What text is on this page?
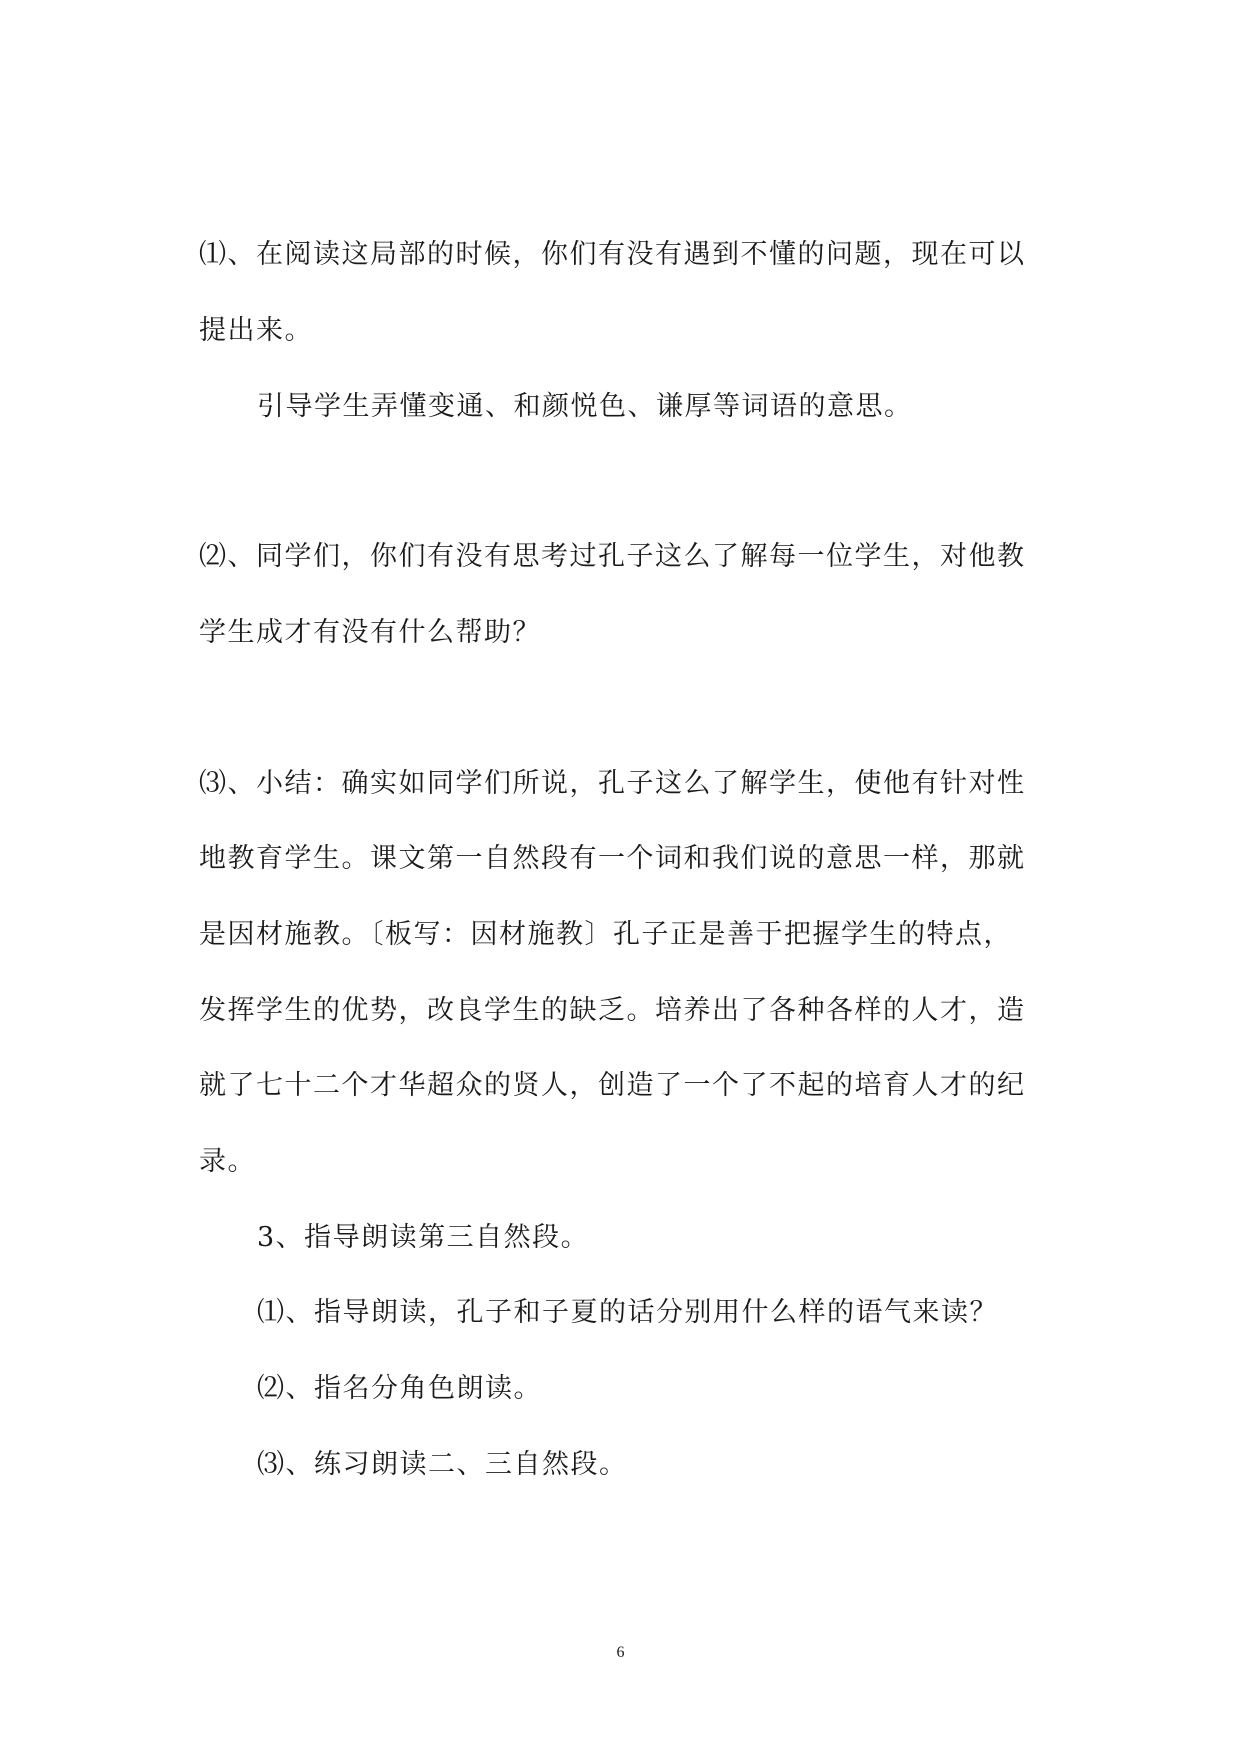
⑴、在阅读这局部的时候，你们有没有遇到不懂的问题，现在可以

提出来。

引导学生弄懂变通、和颜悦色、谦厚等词语的意思。

⑵、同学们，你们有没有思考过孔子这么了解每一位学生，对他教

学生成才有没有什么帮助？

⑶、小结：确实如同学们所说，孔子这么了解学生，使他有针对性

地教育学生。课文第一自然段有一个词和我们说的意思一样，那就

是因材施教。〔板写：因材施教〕孔子正是善于把握学生的特点，

发挥学生的优势，改良学生的缺乏。培养出了各种各样的人才，造

就了七十二个才华超众的贤人，创造了一个了不起的培育人才的纪

录。

3、指导朗读第三自然段。

⑴、指导朗读，孔子和子夏的话分别用什么样的语气来读？

⑵、指名分角色朗读。

⑶、练习朗读二、三自然段。

6
